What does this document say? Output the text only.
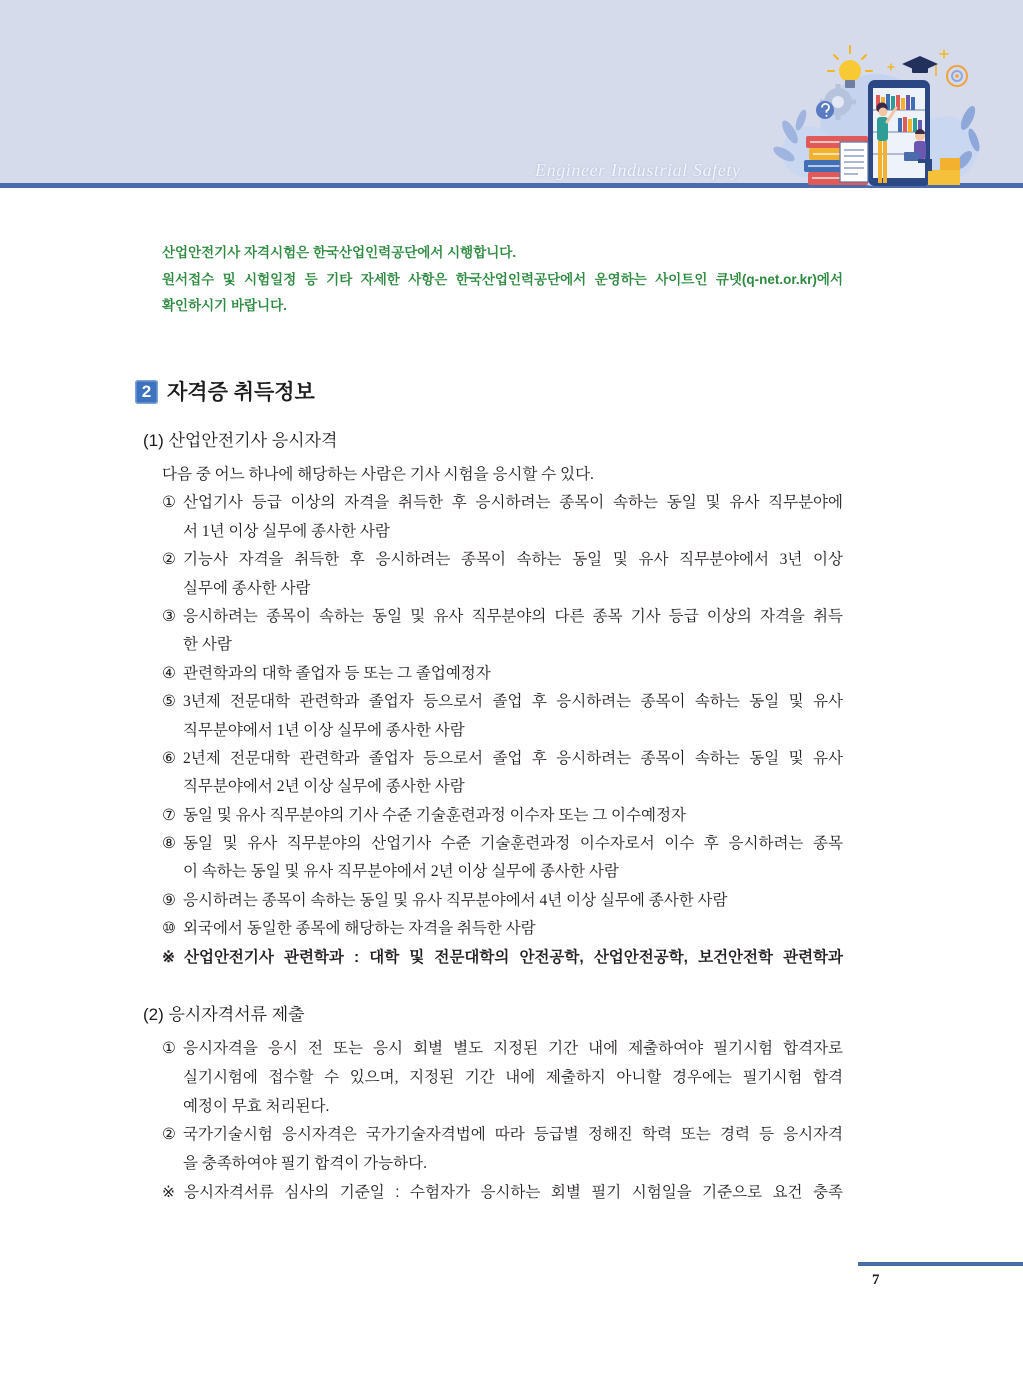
Engineer Industrial Safety
산업안전기사 자격시험은 한국산업인력공단에서 시행합니다.
원서접수 및 시험일정 등 기타 자세한 사항은 한국산업인력공단에서 운영하는 사이트인 큐넷(q-net.or.kr)에서
확인하시기 바랍니다.
2 자격증 취득정보
(1) 산업안전기사 응시자격
다음 중 어느 하나에 해당하는 사람은 기사 시험을 응시할 수 있다.
① 산업기사 등급 이상의 자격을 취득한 후 응시하려는 종목이 속하는 동일 및 유사 직무분야에
서 1년 이상 실무에 종사한 사람
② 기능사 자격을 취득한 후 응시하려는 종목이 속하는 동일 및 유사 직무분야에서 3년 이상
실무에 종사한 사람
③ 응시하려는 종목이 속하는 동일 및 유사 직무분야의 다른 종목 기사 등급 이상의 자격을 취득
한 사람
④ 관련학과의 대학 졸업자 등 또는 그 졸업예정자
⑤ 3년제 전문대학 관련학과 졸업자 등으로서 졸업 후 응시하려는 종목이 속하는 동일 및 유사
직무분야에서 1년 이상 실무에 종사한 사람
⑥ 2년제 전문대학 관련학과 졸업자 등으로서 졸업 후 응시하려는 종목이 속하는 동일 및 유사
직무분야에서 2년 이상 실무에 종사한 사람
⑦ 동일 및 유사 직무분야의 기사 수준 기술훈련과정 이수자 또는 그 이수예정자
⑧ 동일 및 유사 직무분야의 산업기사 수준 기술훈련과정 이수자로서 이수 후 응시하려는 종목
이 속하는 동일 및 유사 직무분야에서 2년 이상 실무에 종사한 사람
⑨ 응시하려는 종목이 속하는 동일 및 유사 직무분야에서 4년 이상 실무에 종사한 사람
⑩ 외국에서 동일한 종목에 해당하는 자격을 취득한 사람
※ 산업안전기사 관련학과 : 대학 및 전문대학의 안전공학, 산업안전공학, 보건안전학 관련학과
(2) 응시자격서류 제출
① 응시자격을 응시 전 또는 응시 회별 별도 지정된 기간 내에 제출하여야 필기시험 합격자로
실기시험에 접수할 수 있으며, 지정된 기간 내에 제출하지 아니할 경우에는 필기시험 합격
예정이 무효 처리된다.
② 국가기술시험 응시자격은 국가기술자격법에 따라 등급별 정해진 학력 또는 경력 등 응시자격
을 충족하여야 필기 합격이 가능하다.
※ 응시자격서류 심사의 기준일 : 수험자가 응시하는 회별 필기 시험일을 기준으로 요건 충족
7
